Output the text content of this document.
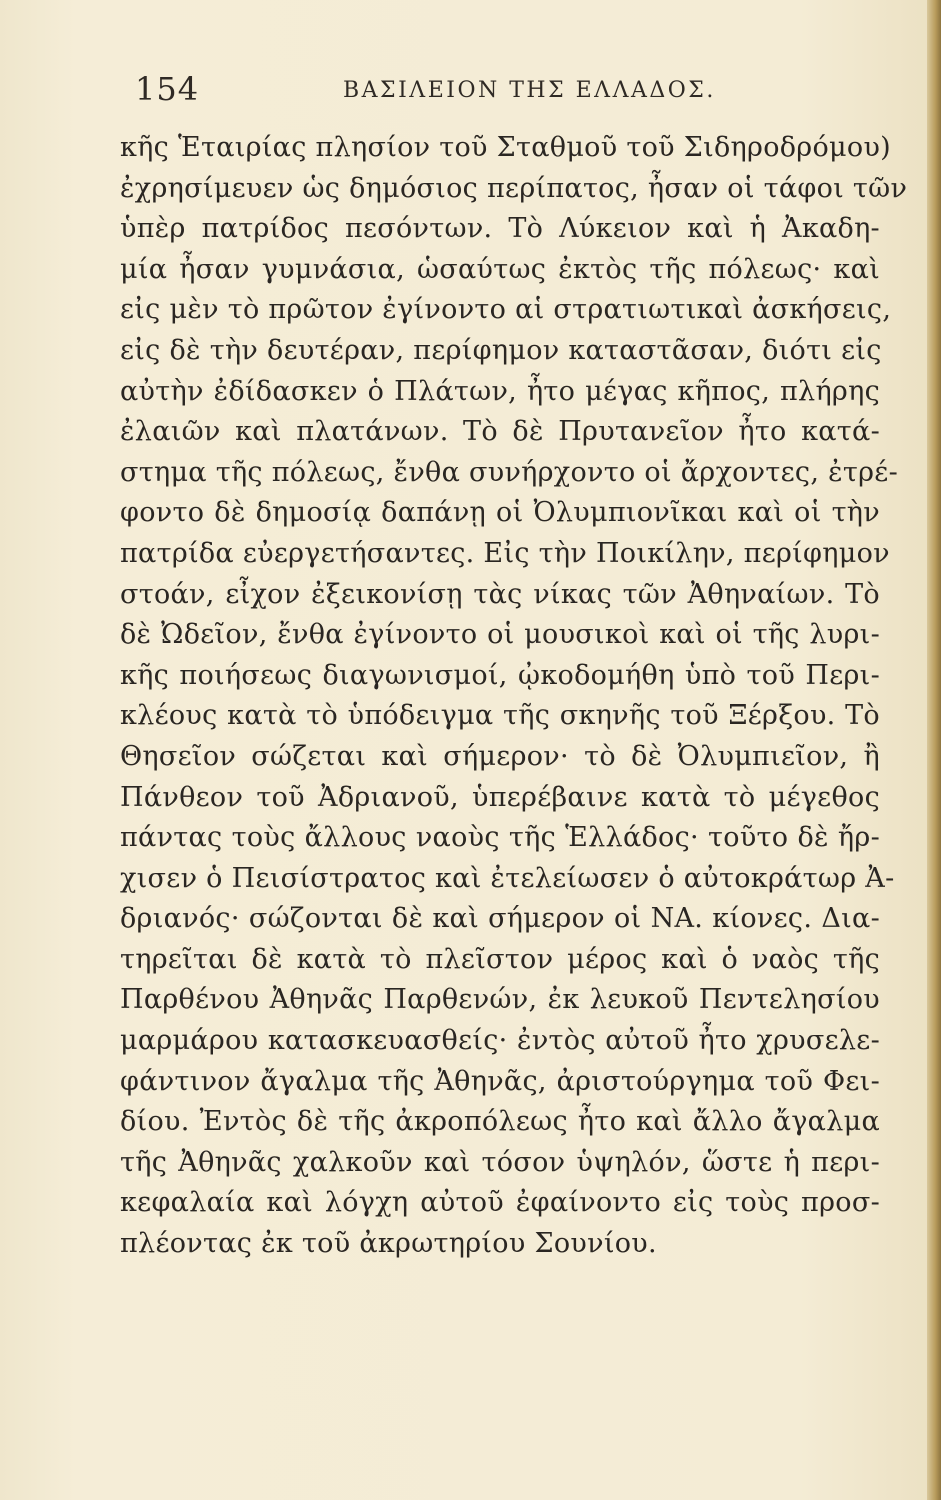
154	ΒΑΣΙΛΕΙΟΝ ΤΗΣ ΕΛΛΑΔΟΣ.
κῆς Ἑταιρίας πλησίον τοῦ Σταθμοῦ τοῦ Σιδηροδρόμου)
ἐχρησίμευεν ὡς δημόσιος περίπατος, ἦσαν οἱ τάφοι τῶν
ὑπὲρ πατρίδος πεσόντων. Τὸ Λύκειον καὶ ἡ Ἀκαδη-
μία ἦσαν γυμνάσια, ὡσαύτως ἐκτὸς τῆς πόλεως· καὶ
εἰς μὲν τὸ πρῶτον ἐγίνοντο αἱ στρατιωτικαὶ ἀσκήσεις,
εἰς δὲ τὴν δευτέραν, περίφημον καταστᾶσαν, διότι εἰς
αὐτὴν ἐδίδασκεν ὁ Πλάτων, ἦτο μέγας κῆπος, πλήρης
ἐλαιῶν καὶ πλατάνων. Τὸ δὲ Πρυτανεῖον ἦτο κατά-
στημα τῆς πόλεως, ἔνθα συνήρχοντο οἱ ἄρχοντες, ἐτρέ-
φοντο δὲ δημοσίᾳ δαπάνῃ οἱ Ὀλυμπιονῖκαι καὶ οἱ τὴν
πατρίδα εὐεργετήσαντες. Εἰς τὴν Ποικίλην, περίφημον
στοάν, εἶχον ἐξεικονίσῃ τὰς νίκας τῶν Ἀθηναίων. Τὸ
δὲ Ὠδεῖον, ἔνθα ἐγίνοντο οἱ μουσικοὶ καὶ οἱ τῆς λυρι-
κῆς ποιήσεως διαγωνισμοί, ᾠκοδομήθη ὑπὸ τοῦ Περι-
κλέους κατὰ τὸ ὑπόδειγμα τῆς σκηνῆς τοῦ Ξέρξου. Τὸ
Θησεῖον σώζεται καὶ σήμερον· τὸ δὲ Ὀλυμπιεῖον, ἢ
Πάνθεον τοῦ Ἀδριανοῦ, ὑπερέβαινε κατὰ τὸ μέγεθος
πάντας τοὺς ἄλλους ναοὺς τῆς Ἑλλάδος· τοῦτο δὲ ἤρ-
χισεν ὁ Πεισίστρατος καὶ ἐτελείωσεν ὁ αὐτοκράτωρ Ἀ-
δριανός· σώζονται δὲ καὶ σήμερον οἱ ΝΑ. κίονες. Δια-
τηρεῖται δὲ κατὰ τὸ πλεῖστον μέρος καὶ ὁ ναὸς τῆς
Παρθένου Ἀθηνᾶς Παρθενών, ἐκ λευκοῦ Πεντελησίου
μαρμάρου κατασκευασθείς· ἐντὸς αὐτοῦ ἦτο χρυσελε-
φάντινον ἄγαλμα τῆς Ἀθηνᾶς, ἀριστούργημα τοῦ Φει-
δίου. Ἐντὸς δὲ τῆς ἀκροπόλεως ἦτο καὶ ἄλλο ἄγαλμα
τῆς Ἀθηνᾶς χαλκοῦν καὶ τόσον ὑψηλόν, ὥστε ἡ περι-
κεφαλαία καὶ λόγχη αὐτοῦ ἐφαίνοντο εἰς τοὺς προσ-
πλέοντας ἐκ τοῦ ἀκρωτηρίου Σουνίου.
